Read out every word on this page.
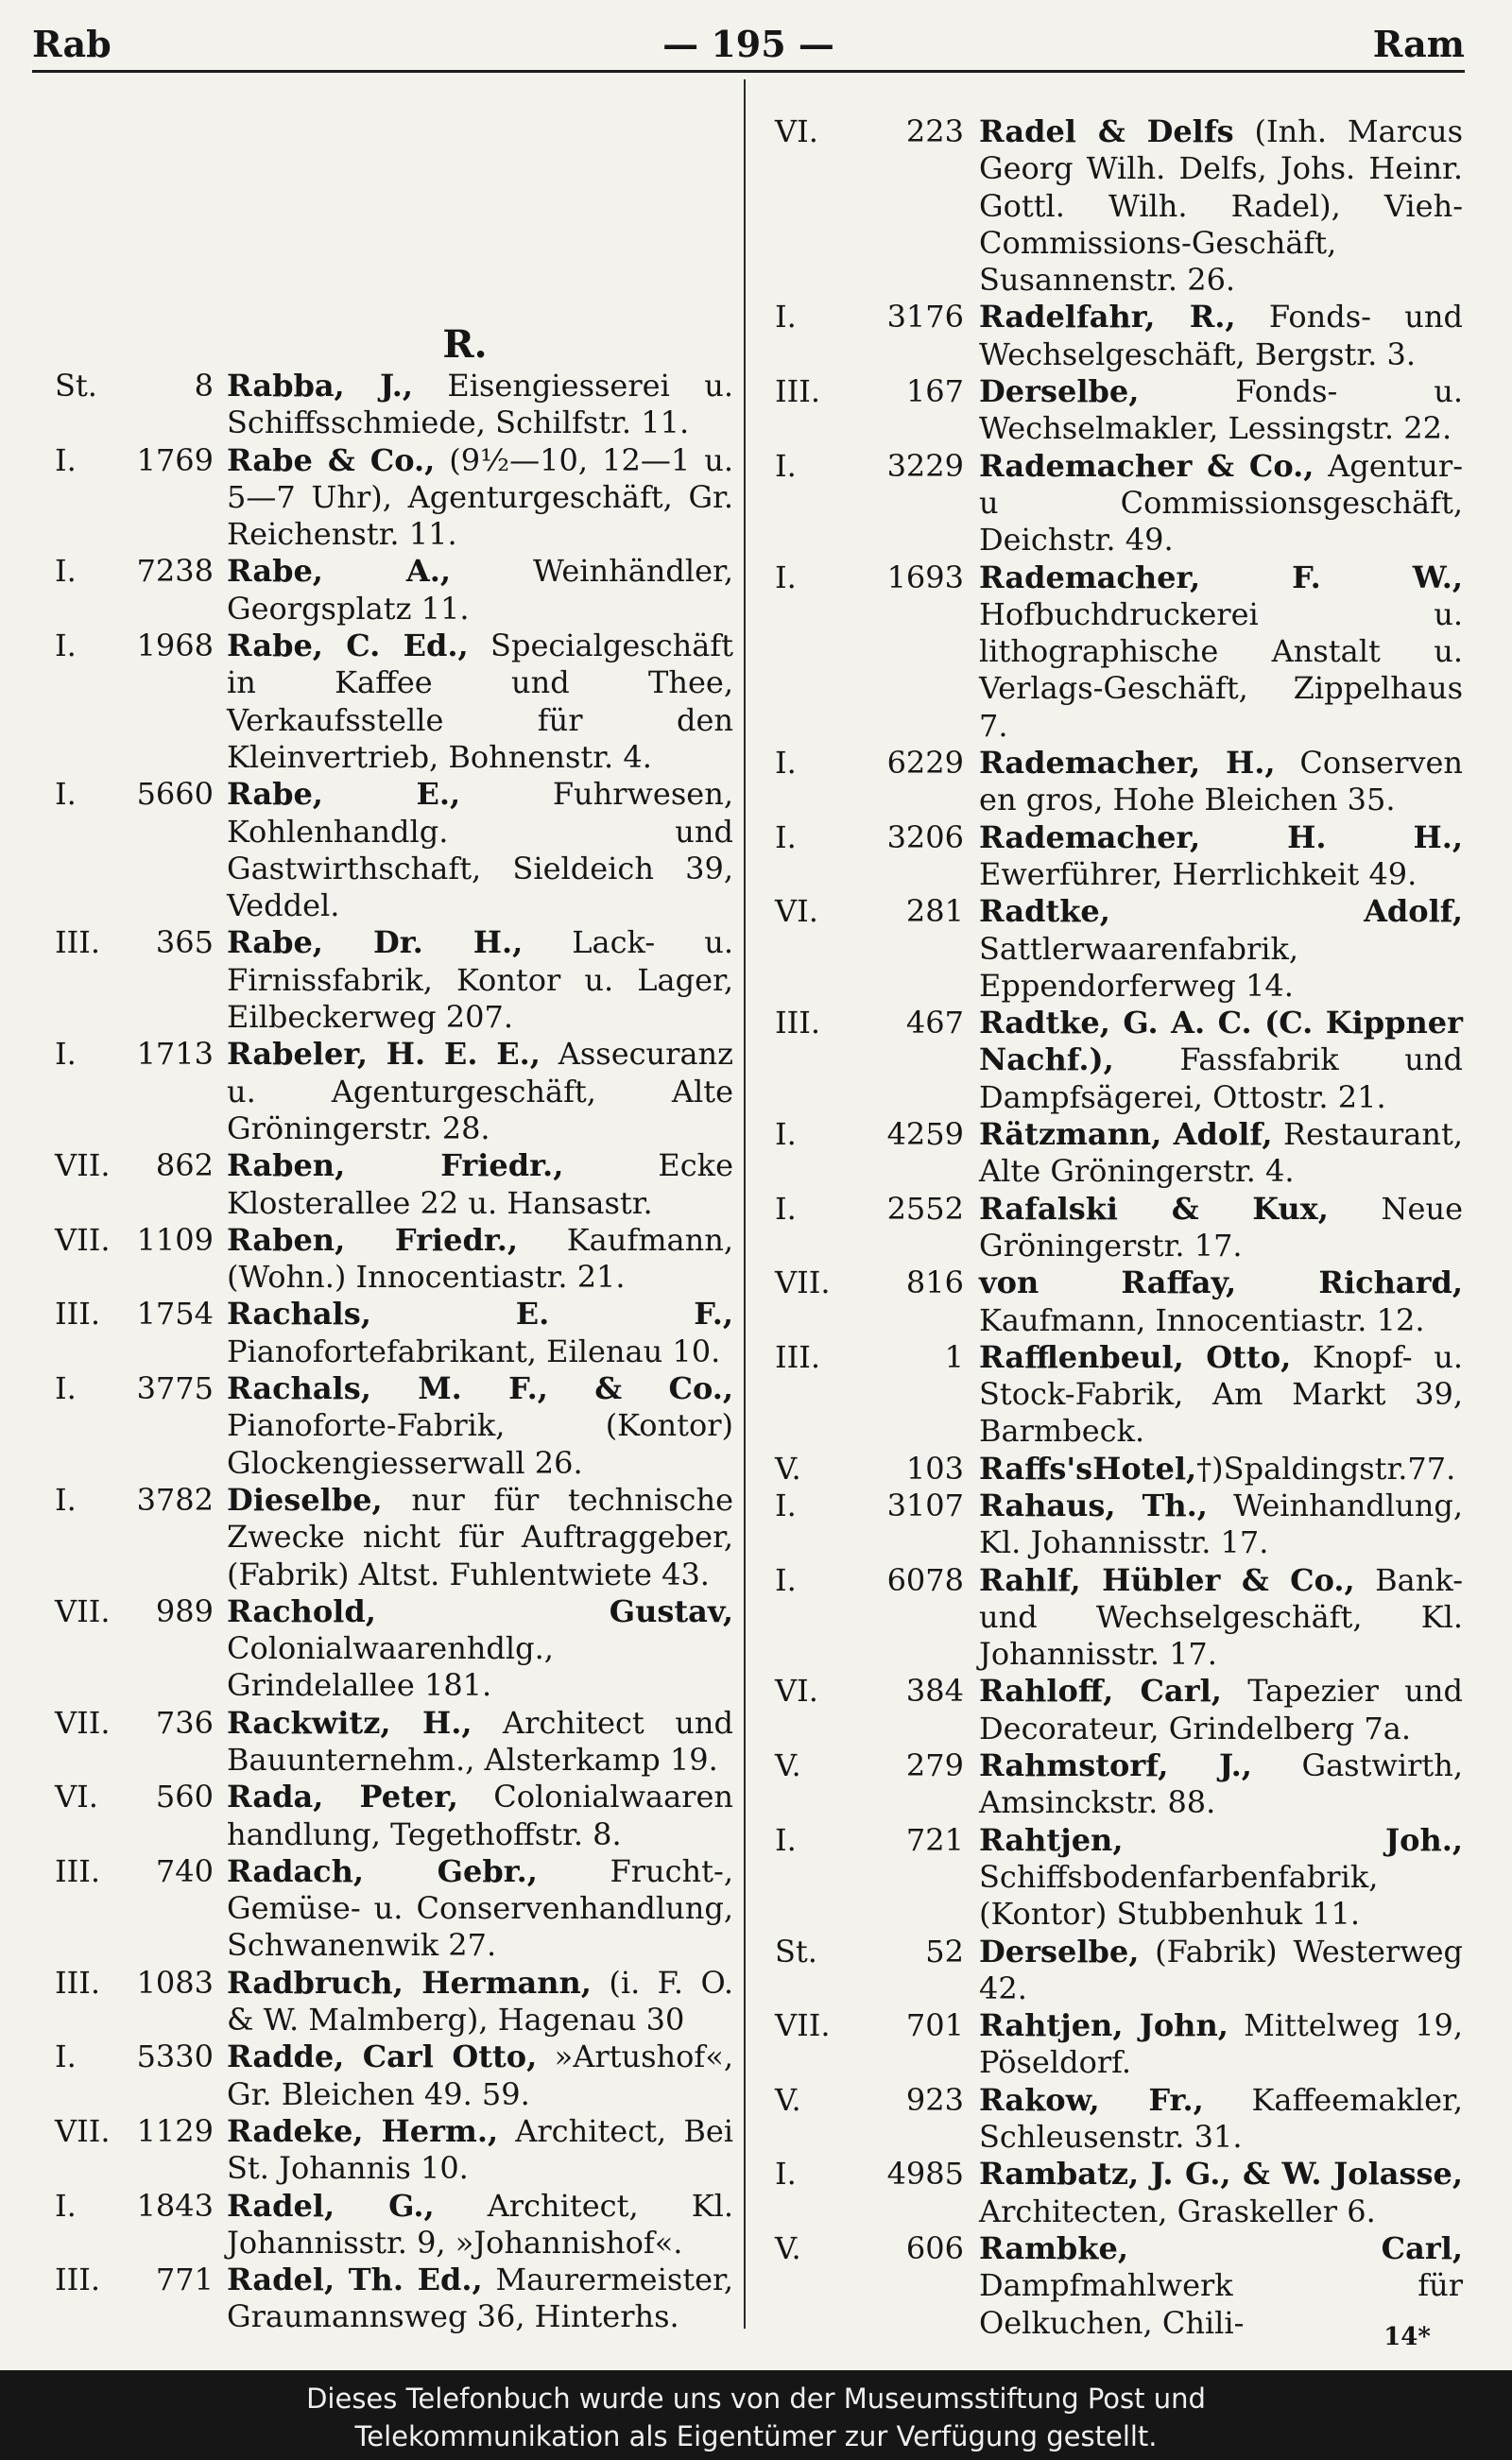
Rab	— 195 —	Ram
R.
St.	8 Rabba, J., Eisengiesserei u. Schiffsschmiede, Schilfstr. 11.
I.	1769 Rabe & Co., (9½—10, 12—1 u. 5—7 Uhr), Agenturgeschäft, Gr. Reichenstr. 11.
I.	7238 Rabe, A., Weinhändler, Georgsplatz 11.
I.	1968 Rabe, C. Ed., Specialgeschäft in Kaffee und Thee, Verkaufsstelle für den Kleinvertrieb, Bohnenstr. 4.
I.	5660 Rabe, E., Fuhrwesen, Kohlenhandlg. und Gastwirthschaft, Sieldeich 39, Veddel.
III.	365 Rabe, Dr. H., Lack- u. Firnissfabrik, Kontor u. Lager, Eilbeckerweg 207.
I.	1713 Rabeler, H. E. E., Assecuranz u. Agenturgeschäft, Alte Gröningerstr. 28.
VII.	862 Raben, Friedr., Ecke Klosterallee 22 u. Hansastr.
VII. 1109 Raben, Friedr., Kaufmann, (Wohn.) Innocentiastr. 21.
III.	1754 Rachals, E. F., Pianofortefabrikant, Eilenau 10.
I.	3775 Rachals, M. F., & Co., Pianoforte-Fabrik, (Kontor) Glockengiesserwall 26.
I.	3782 Dieselbe, nur für technische Zwecke nicht für Auftraggeber, (Fabrik) Altst. Fuhlentwiete 43.
VII.	989 Rachold, Gustav, Colonialwaarenhdlg., Grindelallee 181.
VII.	736 Rackwitz, H., Architect und Bauunternehm., Alsterkamp 19.
VI.	560 Rada, Peter, Colonialwaaren handlung, Tegethoffstr. 8.
III.	740 Radach, Gebr., Frucht-, Gemüse- u. Conservenhandlung, Schwanenwik 27.
III.	1083 Radbruch, Hermann, (i. F. O. & W. Malmberg), Hagenau 30
I.	5330 Radde, Carl Otto, »Artushof«, Gr. Bleichen 49. 59.
VII. 1129 Radeke, Herm., Architect, Bei St. Johannis 10.
I.	1843 Radel, G., Architect, Kl. Johannisstr. 9, »Johannishof«.
III.	771 Radel, Th. Ed., Maurermeister, Graumannsweg 36, Hinterhs.
VI.	223 Radel & Delfs (Inh. Marcus Georg Wilh. Delfs, Johs. Heinr. Gottl. Wilh. Radel), Vieh-Commissions-Geschäft, Susannenstr. 26.
I.	3176 Radelfahr, R., Fonds- und Wechselgeschäft, Bergstr. 3.
III.	167 Derselbe, Fonds- u. Wechselmakler, Lessingstr. 22.
I.	3229 Rademacher & Co., Agentur- u Commissionsgeschäft, Deichstr. 49.
I.	1693 Rademacher, F. W., Hofbuchdruckerei u. lithographische Anstalt u. Verlags-Geschäft, Zippelhaus 7.
I.	6229 Rademacher, H., Conserven en gros, Hohe Bleichen 35.
I.	3206 Rademacher, H. H., Ewerführer, Herrlichkeit 49.
VI.	281 Radtke, Adolf, Sattlerwaarenfabrik, Eppendorferweg 14.
III.	467 Radtke, G. A. C. (C. Kippner Nachf.), Fassfabrik und Dampfsägerei, Ottostr. 21.
I.	4259 Rätzmann, Adolf, Restaurant, Alte Gröningerstr. 4.
I.	2552 Rafalski & Kux, Neue Gröningerstr. 17.
VII.	816 von Raffay, Richard, Kaufmann, Innocentiastr. 12.
III.	1 Rafflenbeul, Otto, Knopf- u. Stock-Fabrik, Am Markt 39, Barmbeck.
V.	103 Raffs'sHotel,†)Spaldingstr.77.
I.	3107 Rahaus, Th., Weinhandlung, Kl. Johannisstr. 17.
I.	6078 Rahlf, Hübler & Co., Bank- und Wechselgeschäft, Kl. Johannisstr. 17.
VI.	384 Rahloff, Carl, Tapezier und Decorateur, Grindelberg 7a.
V.	279 Rahmstorf, J., Gastwirth, Amsinckstr. 88.
I.	721 Rahtjen, Joh., Schiffsbodenfarbenfabrik, (Kontor) Stubbenhuk 11.
St.	52 Derselbe, (Fabrik) Westerweg 42.
VII.	701 Rahtjen, John, Mittelweg 19, Pöseldorf.
V.	923 Rakow, Fr., Kaffeemakler, Schleusenstr. 31.
I.	4985 Rambatz, J. G., & W. Jolasse, Architecten, Graskeller 6.
V.	606 Rambke, Carl, Dampfmahlwerk für Oelkuchen, Chili-	14*
Dieses Telefonbuch wurde uns von der Museumsstiftung Post und
Telekommunikation als Eigentümer zur Verfügung gestellt.
